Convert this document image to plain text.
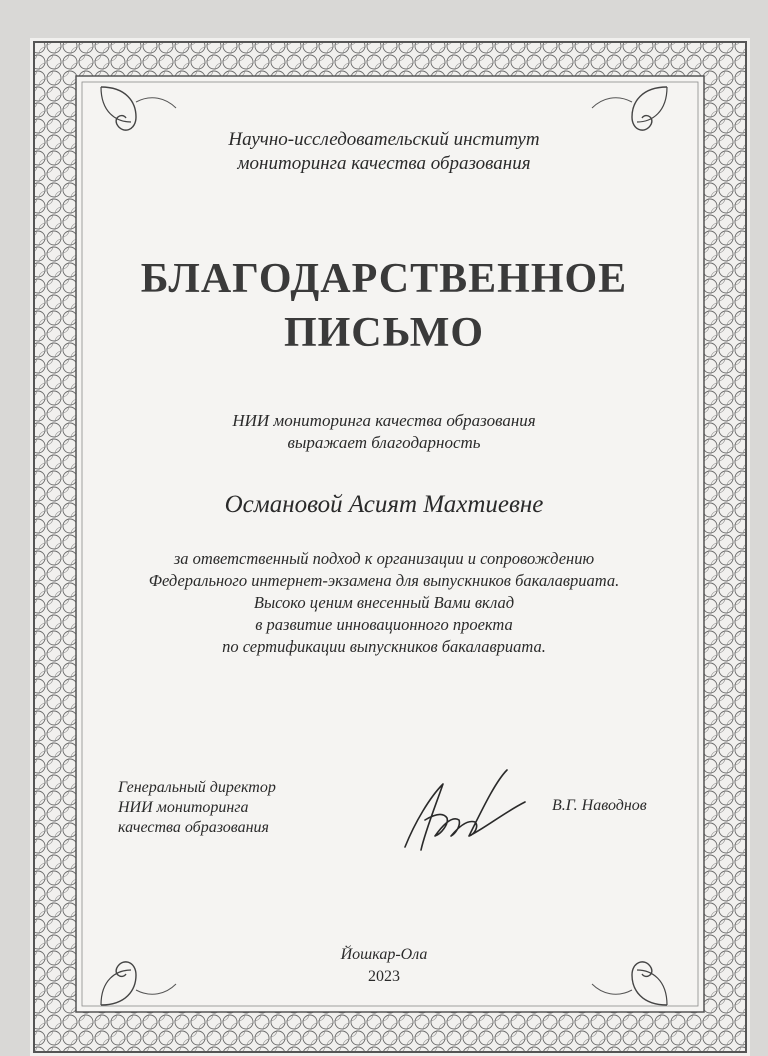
Научно-исследовательский институт
мониторинга качества образования
БЛАГОДАРСТВЕННОЕ
ПИСЬМО
НИИ мониторинга качества образования
выражает благодарность
Османовой Асият Махтиевне
за ответственный подход к организации и сопровождению
Федерального интернет-экзамена для выпускников бакалавриата.
Высоко ценим внесенный Вами вклад
в развитие инновационного проекта
по сертификации выпускников бакалавриата.
Генеральный директор
НИИ мониторинга
качества образования
В.Г. Наводнов
Йошкар-Ола
2023
